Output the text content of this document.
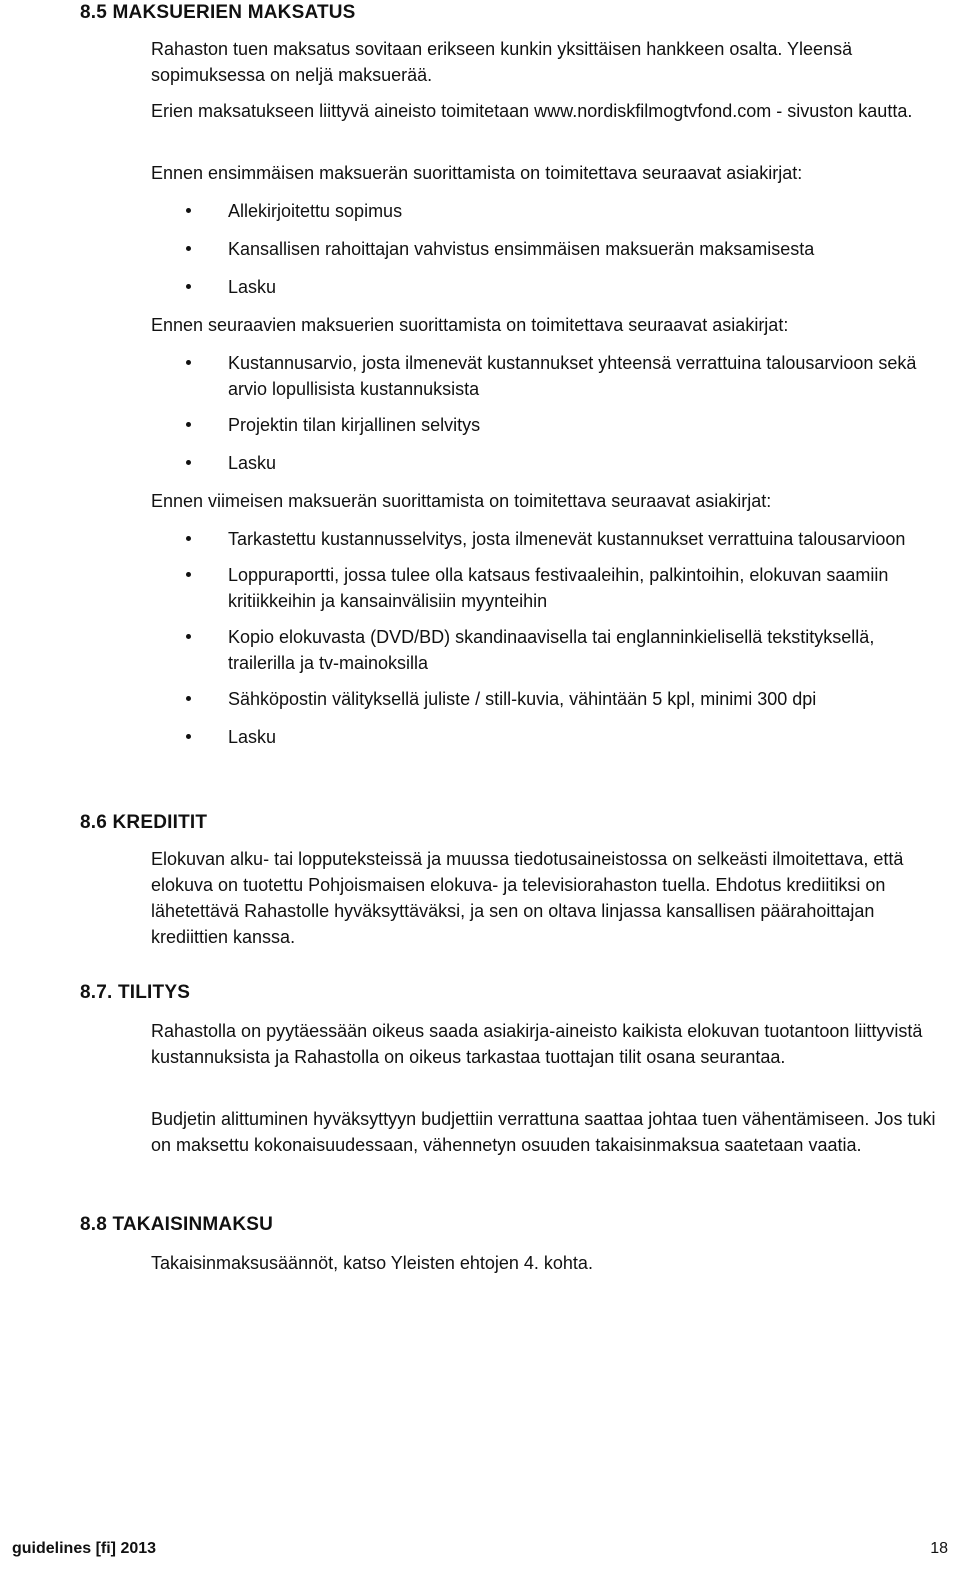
8.5 MAKSUERIEN MAKSATUS

Rahaston tuen maksatus sovitaan erikseen kunkin yksittäisen hankkeen osalta. Yleensä sopimuksessa on neljä maksuerää.

Erien maksatukseen liittyvä aineisto toimitetaan www.nordiskfilmogtvfond.com - sivuston kautta.

Ennen ensimmäisen maksuerän suorittamista on toimitettava seuraavat asiakirjat:

Allekirjoitettu sopimus
Kansallisen rahoittajan vahvistus ensimmäisen maksuerän maksamisesta
Lasku

Ennen seuraavien maksuerien suorittamista on toimitettava seuraavat asiakirjat:

Kustannusarvio, josta ilmenevät kustannukset yhteensä verrattuina talousarvioon sekä arvio lopullisista kustannuksista
Projektin tilan kirjallinen selvitys
Lasku

Ennen viimeisen maksuerän suorittamista on toimitettava seuraavat asiakirjat:

Tarkastettu kustannusselvitys, josta ilmenevät kustannukset verrattuina talousarvioon
Loppuraportti, jossa tulee olla katsaus festivaaleihin, palkintoihin, elokuvan saamiin kritiikkeihin ja kansainvälisiin myynteihin
Kopio elokuvasta (DVD/BD) skandinaavisella tai englanninkielisellä tekstityksellä, trailerilla ja tv-mainoksilla
Sähköpostin välityksellä juliste / still-kuvia, vähintään 5 kpl, minimi 300 dpi
Lasku
8.6 KREDIITIT

Elokuvan alku- tai lopputeksteissä ja muussa tiedotusaineistossa on selkeästi ilmoitettava, että elokuva on tuotettu Pohjoismaisen elokuva- ja televisiorahaston tuella. Ehdotus krediitiksi on lähetettävä Rahastolle hyväksyttäväksi, ja sen on oltava linjassa kansallisen päärahoittajan krediittien kanssa.

8.7. TILITYS

Rahastolla on pyytäessään oikeus saada asiakirja-aineisto kaikista elokuvan tuotantoon liittyvistä kustannuksista ja Rahastolla on oikeus tarkastaa tuottajan tilit osana seurantaa.

Budjetin alittuminen hyväksyttyyn budjettiin verrattuna saattaa johtaa tuen vähentämiseen. Jos tuki on maksettu kokonaisuudessaan, vähennetyn osuuden takaisinmaksua saatetaan vaatia.

8.8 TAKAISINMAKSU

Takaisinmaksusäännöt, katso Yleisten ehtojen 4. kohta.

guidelines [fi] 2013	18
